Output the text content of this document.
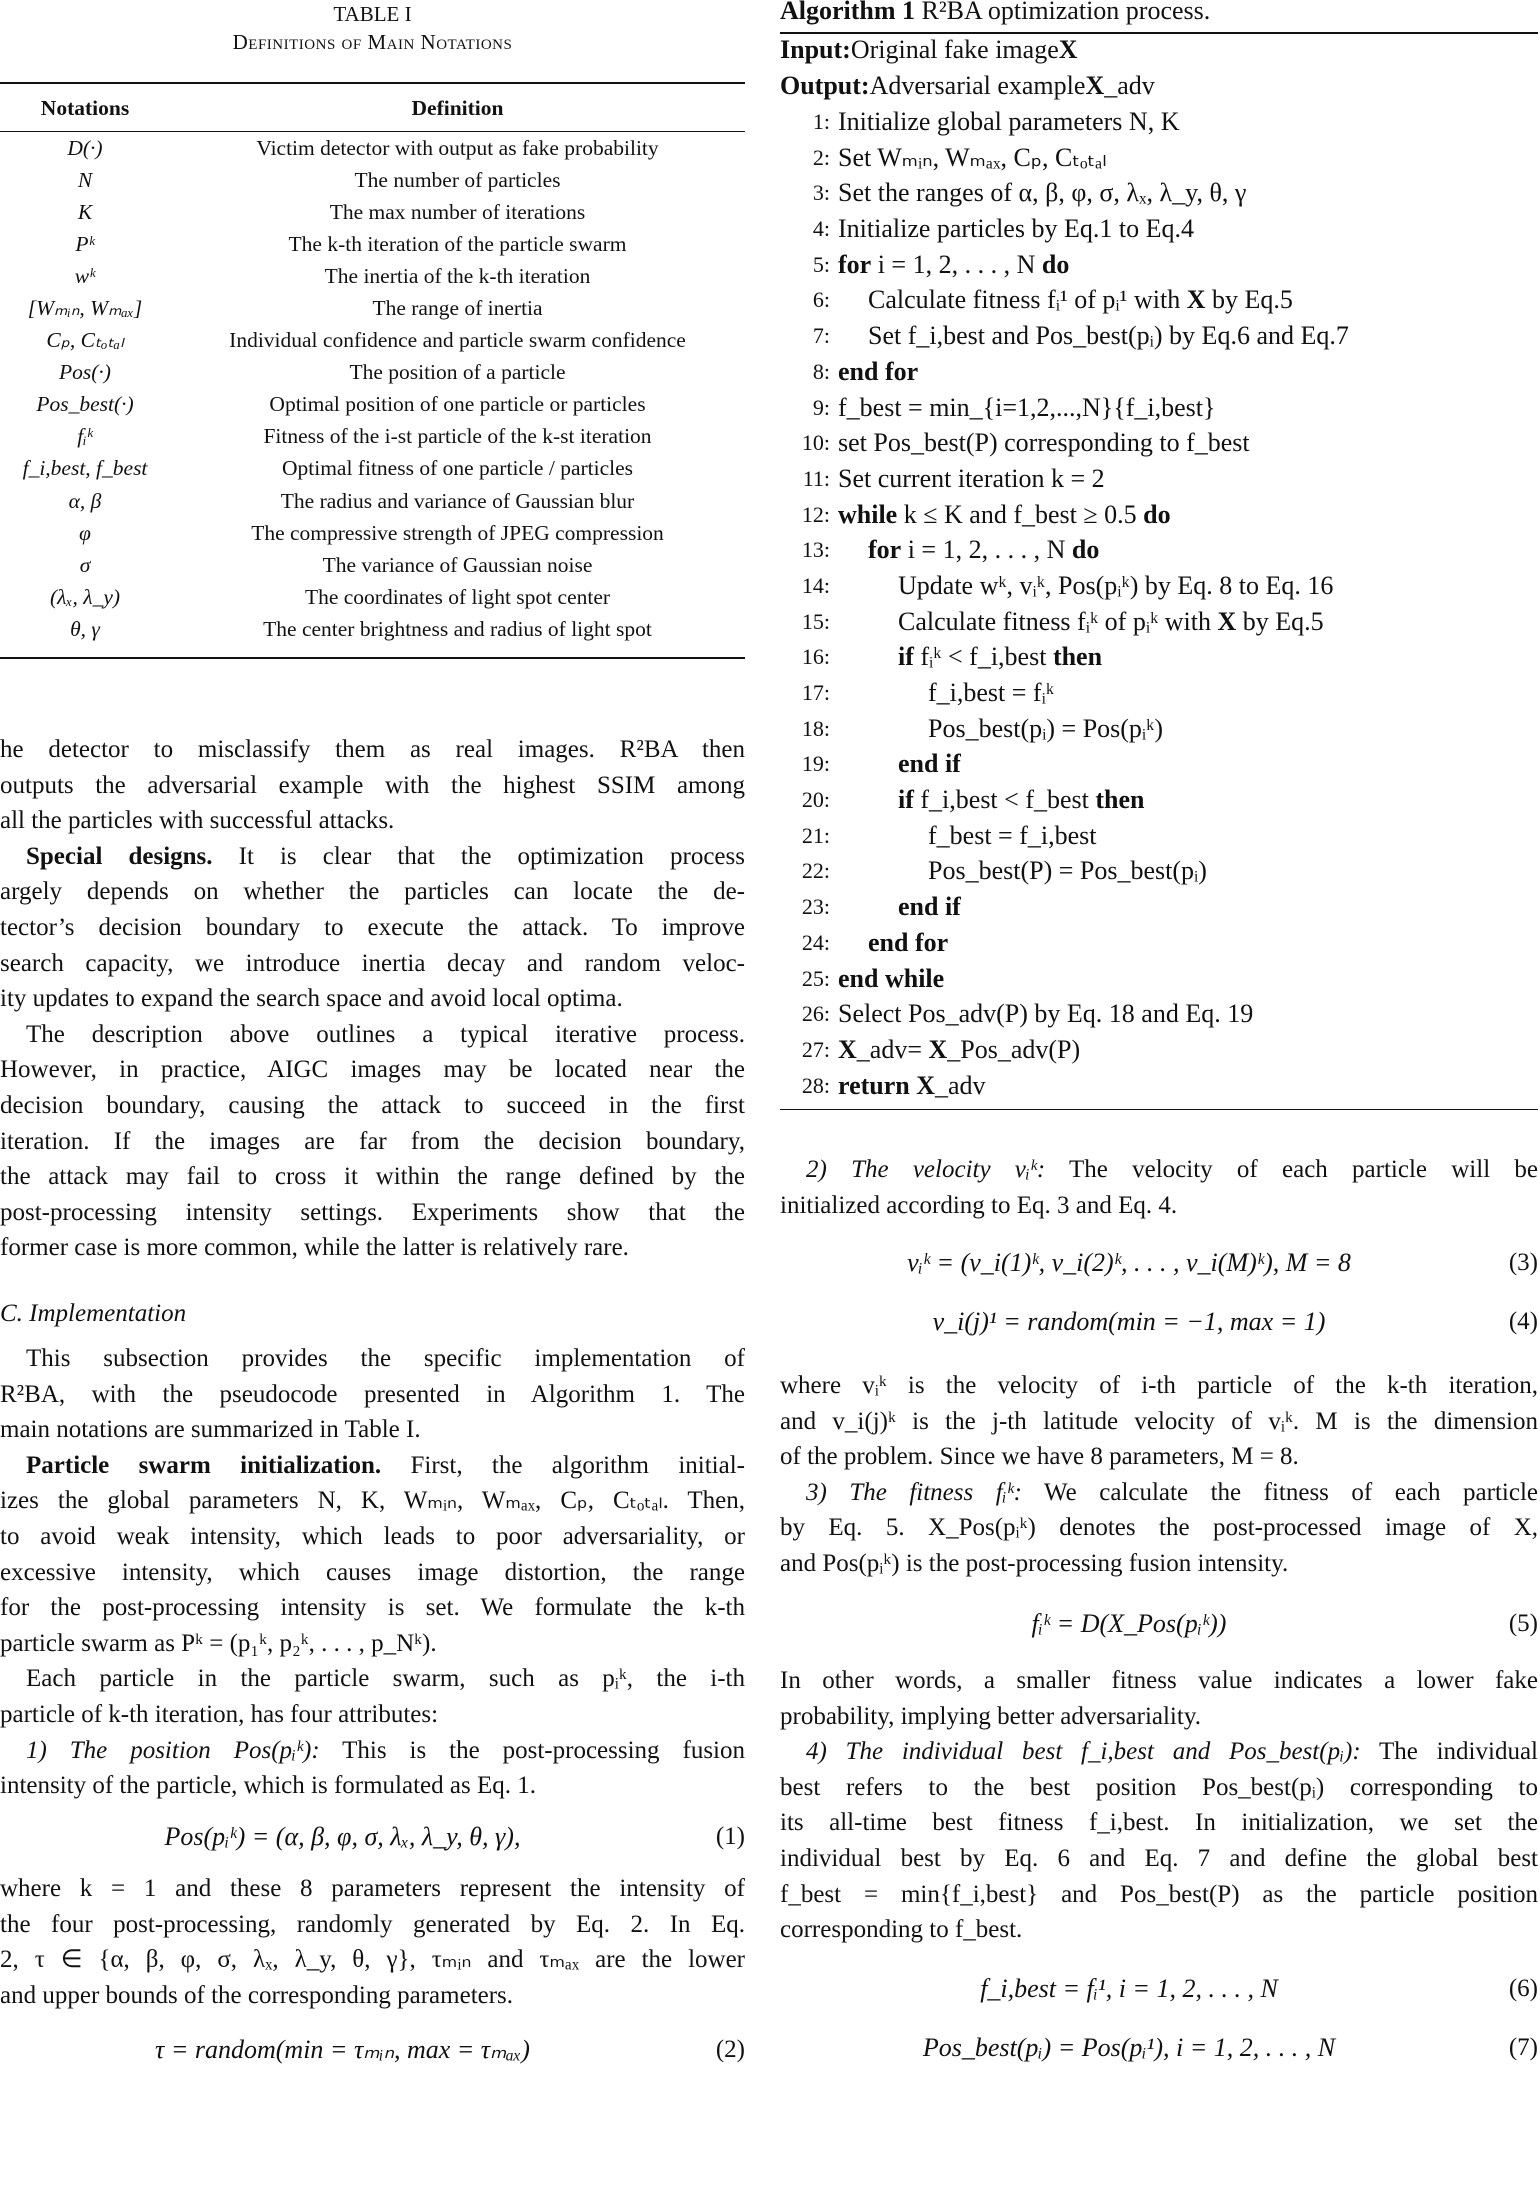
TABLE I
Definitions of Main Notations
Notations	Definition
D(·)	Victim detector with output as fake probability
N	The number of particles
K	The max number of iterations
Pᵏ	The k-th iteration of the particle swarm
wᵏ	The inertia of the k-th iteration
[Wₘᵢₙ, Wₘₐₓ]	The range of inertia
Cₚ, Cₜₒₜₐₗ	Individual confidence and particle swarm confidence
Pos(·)	The position of a particle
Pos_best(·)	Optimal position of one particle or particles
fᵢᵏ	Fitness of the i-st particle of the k-st iteration
f_i,best, f_best	Optimal fitness of one particle / particles
α, β	The radius and variance of Gaussian blur
φ	The compressive strength of JPEG compression
σ	The variance of Gaussian noise
(λₓ, λ_y)	The coordinates of light spot center
θ, γ	The center brightness and radius of light spot
he detector to misclassify them as real images. R²BA then
outputs the adversarial example with the highest SSIM among
all the particles with successful attacks.
Special designs. It is clear that the optimization process
argely depends on whether the particles can locate the de-
tector’s decision boundary to execute the attack. To improve
search capacity, we introduce inertia decay and random veloc-
ity updates to expand the search space and avoid local optima.
The description above outlines a typical iterative process.
However, in practice, AIGC images may be located near the
decision boundary, causing the attack to succeed in the first
iteration. If the images are far from the decision boundary,
the attack may fail to cross it within the range defined by the
post-processing intensity settings. Experiments show that the
former case is more common, while the latter is relatively rare.
C. Implementation
This subsection provides the specific implementation of
R²BA, with the pseudocode presented in Algorithm 1. The
main notations are summarized in Table I.
Particle swarm initialization. First, the algorithm initial-
izes the global parameters N, K, Wₘᵢₙ, Wₘₐₓ, Cₚ, Cₜₒₜₐₗ. Then,
to avoid weak intensity, which leads to poor adversariality, or
excessive intensity, which causes image distortion, the range
for the post-processing intensity is set. We formulate the k-th
particle swarm as Pᵏ = (p₁ᵏ, p₂ᵏ, . . . , p_Nᵏ).
Each particle in the particle swarm, such as pᵢᵏ, the i-th
particle of k-th iteration, has four attributes:
1) The position Pos(pᵢᵏ): This is the post-processing fusion
intensity of the particle, which is formulated as Eq. 1.
Pos(pᵢᵏ) = (α, β, φ, σ, λₓ, λ_y, θ, γ),	(1)
where k = 1 and these 8 parameters represent the intensity of
the four post-processing, randomly generated by Eq. 2. In Eq.
2, τ ∈ {α, β, φ, σ, λₓ, λ_y, θ, γ}, τₘᵢₙ and τₘₐₓ are the lower
and upper bounds of the corresponding parameters.
τ = random(min = τₘᵢₙ, max = τₘₐₓ)	(2)
Algorithm 1 R²BA optimization process.
Input: Original fake image X
Output: Adversarial example X _adv
1: Initialize global parameters N, K
2: Set Wₘᵢₙ, Wₘₐₓ, Cₚ, Cₜₒₜₐₗ
3: Set the ranges of α, β, φ, σ, λₓ, λ_y, θ, γ
4: Initialize particles by Eq.1 to Eq.4
5: for i = 1, 2, . . . , N do
6:	Calculate fitness fᵢ¹ of pᵢ¹ with X by Eq.5
7:	Set f_i,best and Pos_best(pᵢ) by Eq.6 and Eq.7
8: end for
9: f_best = min_{i=1,2,...,N}{f_i,best}
10: set Pos_best(P) corresponding to f_best
11: Set current iteration k = 2
12: while k ≤ K and f_best ≥ 0.5 do
13:	for i = 1, 2, . . . , N do
14:	Update wᵏ, vᵢᵏ, Pos(pᵢᵏ) by Eq. 8 to Eq. 16
15:	Calculate fitness fᵢᵏ of pᵢᵏ with X by Eq.5
16:	if fᵢᵏ < f_i,best then
17:	f_i,best = fᵢᵏ
18:	Pos_best(pᵢ) = Pos(pᵢᵏ)
19:	end if
20:	if f_i,best < f_best then
21:	f_best = f_i,best
22:	Pos_best(P) = Pos_best(pᵢ)
23:	end if
24:	end for
25: end while
26: Select Pos_adv(P) by Eq. 18 and Eq. 19
27: X_adv= X_Pos_adv(P)
28: return X_adv
2) The velocity vᵢᵏ: The velocity of each particle will be
initialized according to Eq. 3 and Eq. 4.
vᵢᵏ = (v_i(1)ᵏ, v_i(2)ᵏ, . . . , v_i(M)ᵏ), M = 8	(3)
v_i(j)¹ = random(min = −1, max = 1)	(4)
where vᵢᵏ is the velocity of i-th particle of the k-th iteration,
and v_i(j)ᵏ is the j-th latitude velocity of vᵢᵏ. M is the dimension
of the problem. Since we have 8 parameters, M = 8.
3) The fitness fᵢᵏ: We calculate the fitness of each particle
by Eq. 5. X_Pos(pᵢᵏ) denotes the post-processed image of X,
and Pos(pᵢᵏ) is the post-processing fusion intensity.
fᵢᵏ = D(X_Pos(pᵢᵏ))	(5)
In other words, a smaller fitness value indicates a lower fake
probability, implying better adversariality.
4) The individual best f_i,best and Pos_best(pᵢ): The individual
best refers to the best position Pos_best(pᵢ) corresponding to
its all-time best fitness f_i,best. In initialization, we set the
individual best by Eq. 6 and Eq. 7 and define the global best
f_best = min{f_i,best} and Pos_best(P) as the particle position
corresponding to f_best.
f_i,best = fᵢ¹, i = 1, 2, . . . , N	(6)
Pos_best(pᵢ) = Pos(pᵢ¹), i = 1, 2, . . . , N	(7)
